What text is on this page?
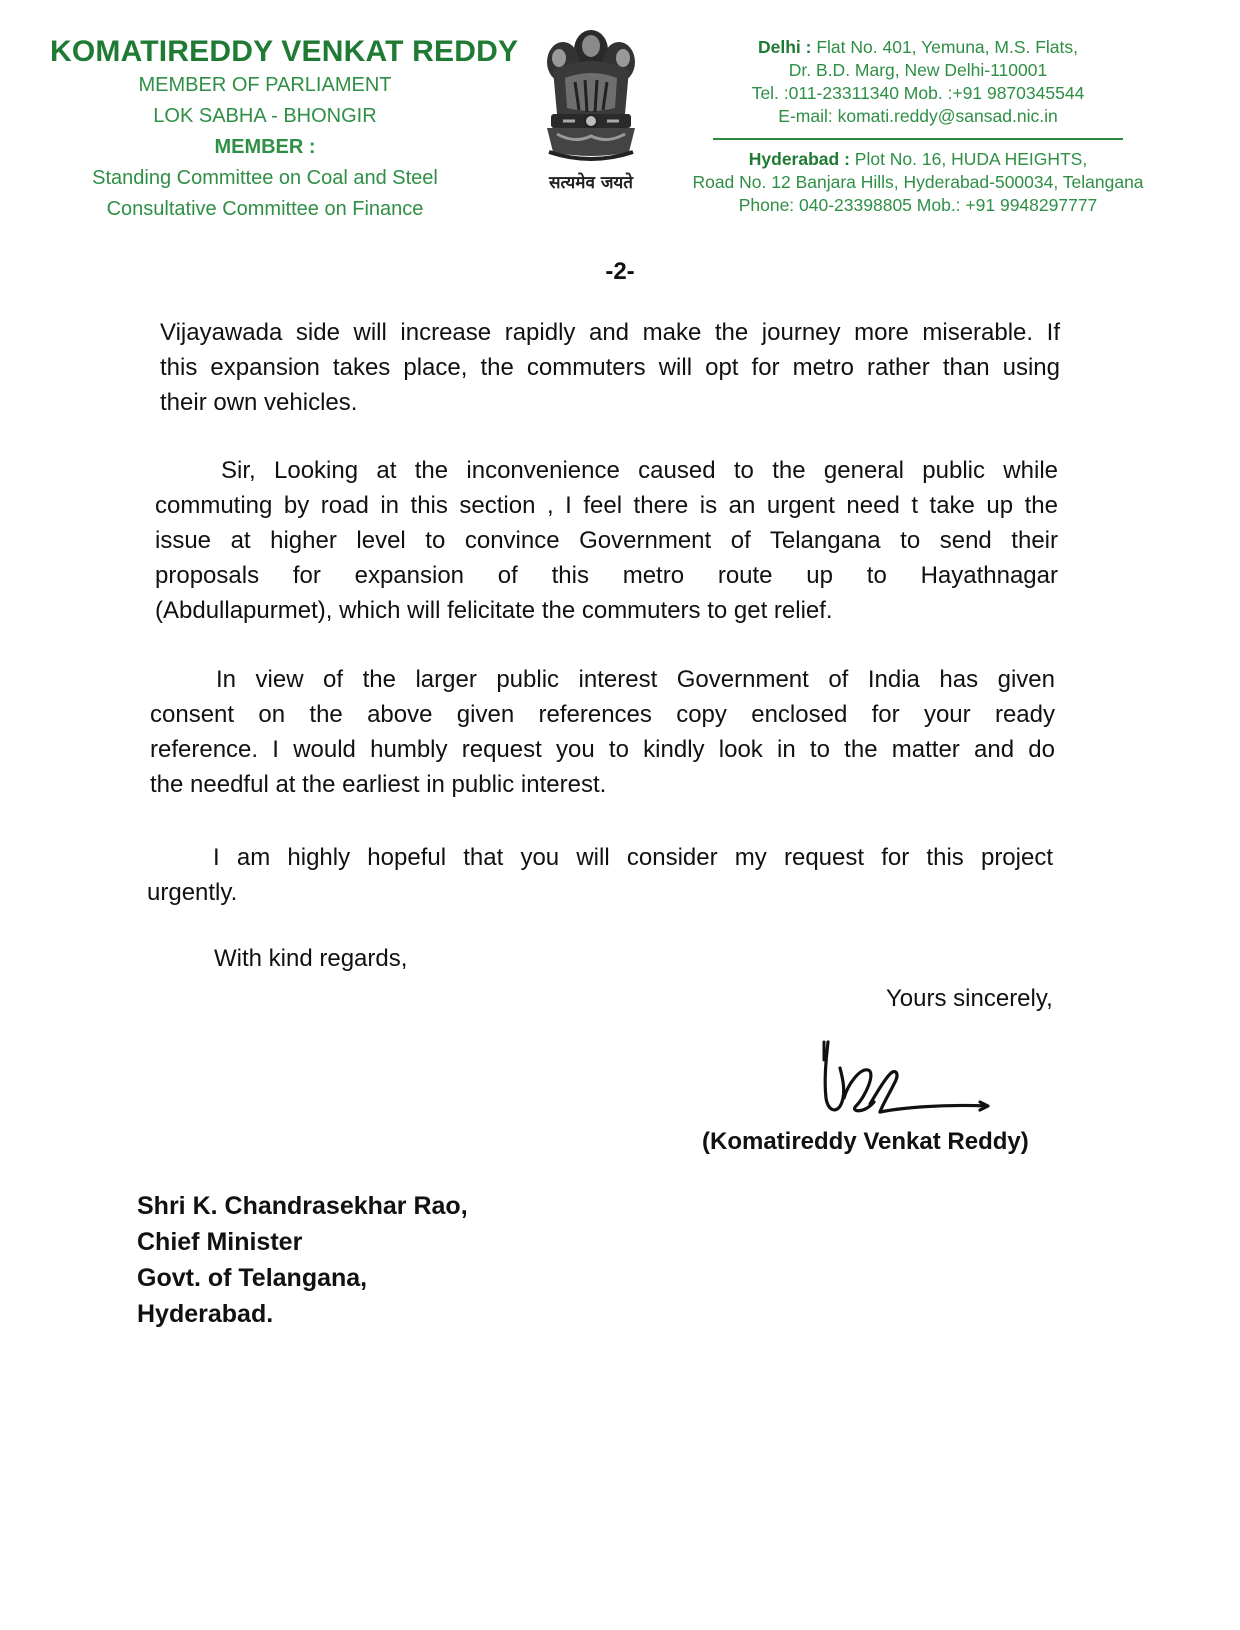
KOMATIREDDY VENKAT REDDY
MEMBER OF PARLIAMENT
LOK SABHA - BHONGIR
MEMBER :
Standing Committee on Coal and Steel
Consultative Committee on Finance
सत्यमेव जयते
Delhi : Flat No. 401, Yemuna, M.S. Flats,
Dr. B.D. Marg, New Delhi-110001
Tel. :011-23311340 Mob. :+91 9870345544
E-mail: komati.reddy@sansad.nic.in
Hyderabad : Plot No. 16, HUDA HEIGHTS,
Road No. 12 Banjara Hills, Hyderabad-500034, Telangana
Phone: 040-23398805 Mob.: +91 9948297777
-2-
Vijayawada side will increase rapidly and make the journey more miserable. If
this expansion takes place, the commuters will opt for metro rather than using
their own vehicles.
Sir, Looking at the inconvenience caused to the general public while
commuting by road in this section , I feel there is an urgent need t take up the
issue at higher level to convince Government of Telangana to send their
proposals for expansion of this metro route up to Hayathnagar
(Abdullapurmet), which will felicitate the commuters to get relief.
In view of the larger public interest Government of India has given
consent on the above given references copy enclosed for your ready
reference. I would humbly request you to kindly look in to the matter and do
the needful at the earliest in public interest.
I am highly hopeful that you will consider my request for this project
urgently.
With kind regards,
Yours sincerely,
(Komatireddy Venkat Reddy)
Shri K. Chandrasekhar Rao,
Chief Minister
Govt. of Telangana,
Hyderabad.
